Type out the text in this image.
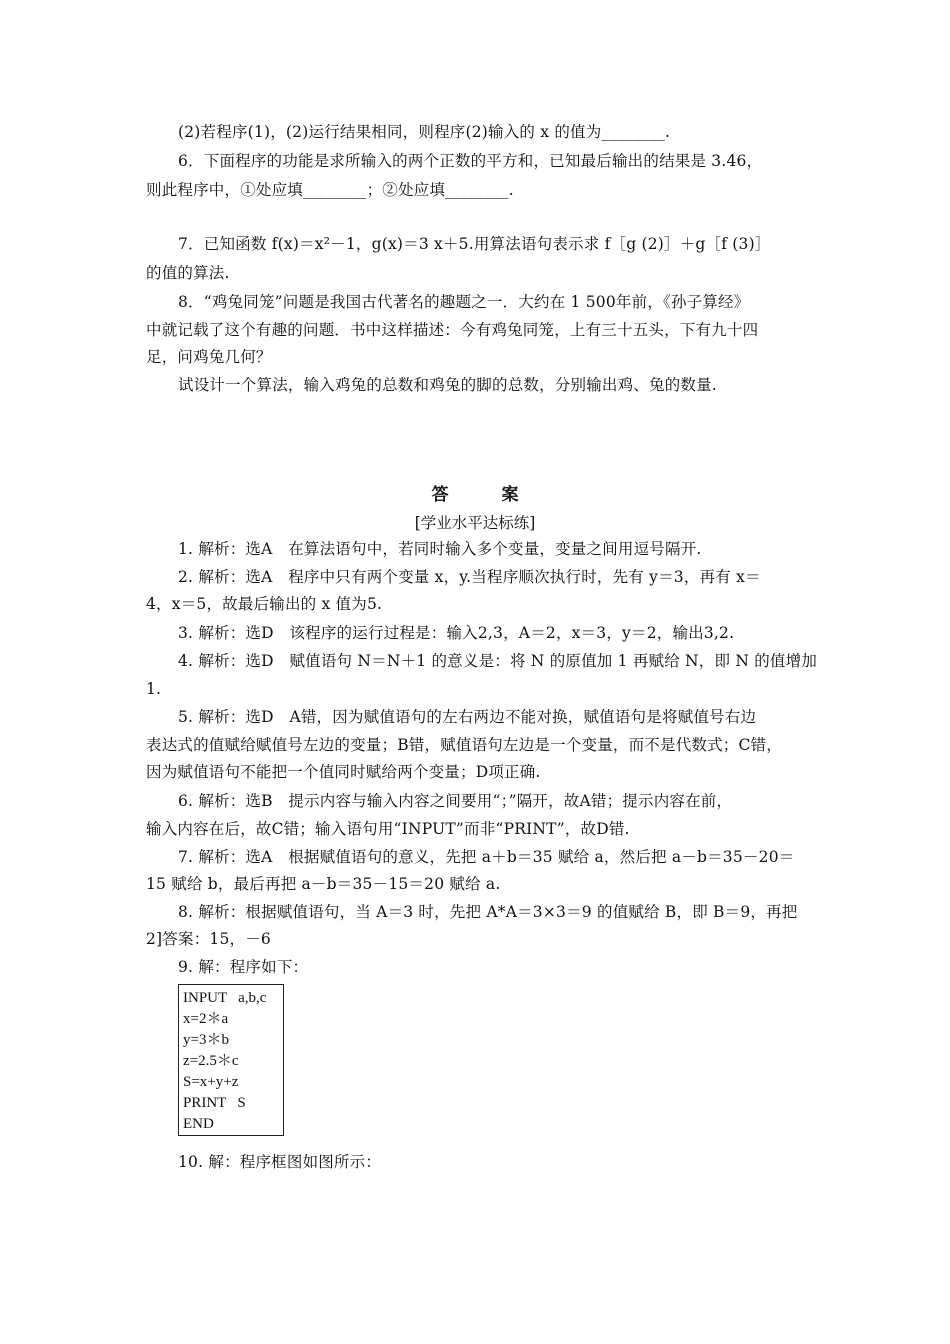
(2)若程序(1)，(2)运行结果相同，则程序(2)输入的 x 的值为________.
6．下面程序的功能是求所输入的两个正数的平方和，已知最后输出的结果是 3.46，
则此程序中，①处应填________；②处应填________.
7．已知函数 f(x)＝x²－1，g(x)＝3 x＋5.用算法语句表示求 f［g (2)］＋g［f (3)］
的值的算法.
8．“鸡兔同笼”问题是我国古代著名的趣题之一．大约在 1 500年前，《孙子算经》
中就记载了这个有趣的问题．书中这样描述：今有鸡兔同笼，上有三十五头，下有九十四
足，问鸡兔几何？
试设计一个算法，输入鸡兔的总数和鸡兔的脚的总数，分别输出鸡、兔的数量.
答　案
[学业水平达标练]
1. 解析：选A　在算法语句中，若同时输入多个变量，变量之间用逗号隔开.
2. 解析：选A　程序中只有两个变量 x，y.当程序顺次执行时，先有 y＝3，再有 x＝
4，x＝5，故最后输出的 x 值为5.
3. 解析：选D　该程序的运行过程是：输入2,3，A＝2，x＝3，y＝2，输出3,2.
4. 解析：选D　赋值语句 N＝N＋1 的意义是：将 N 的原值加 1 再赋给 N，即 N 的值增加
1.
5. 解析：选D　A错，因为赋值语句的左右两边不能对换，赋值语句是将赋值号右边
表达式的值赋给赋值号左边的变量；B错，赋值语句左边是一个变量，而不是代数式；C错，
因为赋值语句不能把一个值同时赋给两个变量；D项正确.
6. 解析：选B　提示内容与输入内容之间要用“；”隔开，故A错；提示内容在前，
输入内容在后，故C错；输入语句用“INPUT”而非“PRINT”，故D错.
7. 解析：选A　根据赋值语句的意义，先把 a＋b＝35 赋给 a，然后把 a－b＝35－20＝
15 赋给 b，最后再把 a－b＝35－15＝20 赋给 a.
8. 解析：根据赋值语句，当 A＝3 时，先把 A*A＝3×3＝9 的值赋给 B，即 B＝9，再把
2]答案：15，－6
9. 解：程序如下：
INPUT   a,b,c
x=2＊a
y=3＊b
z=2.5＊c
S=x+y+z
PRINT   S
END
10. 解：程序框图如图所示：
